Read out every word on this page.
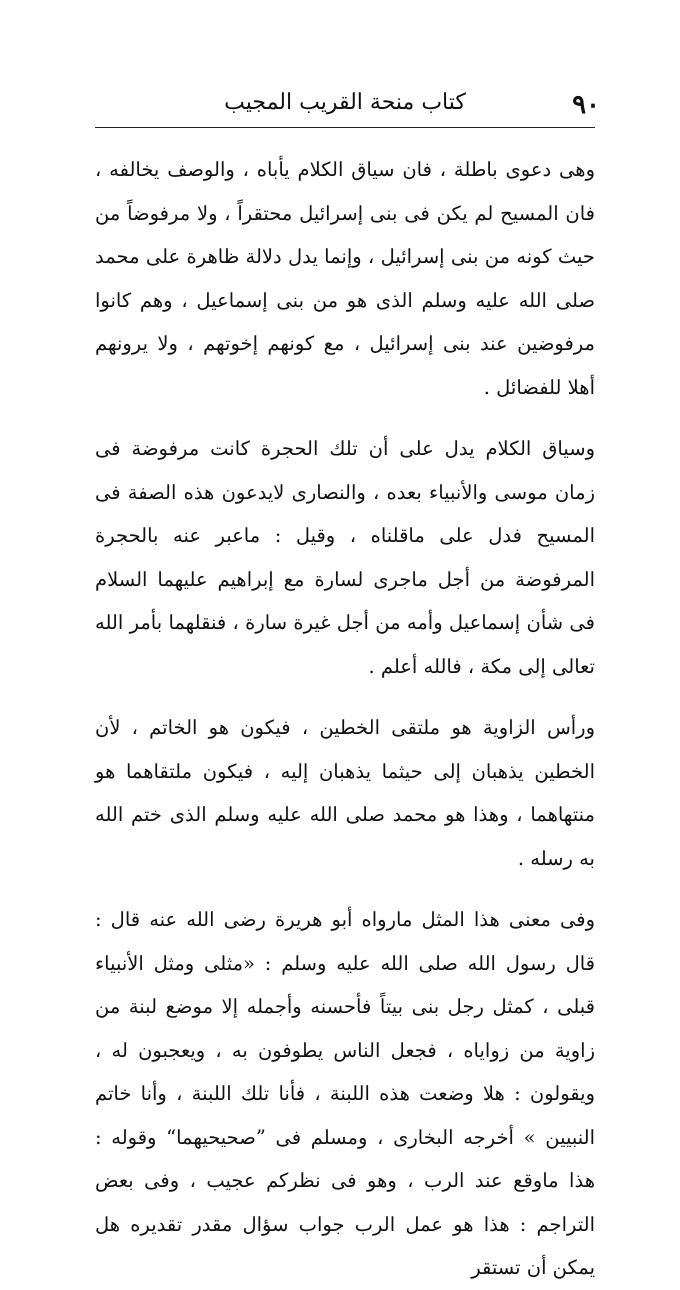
كتاب منحة القريب المجيب	٩٠

وهى دعوى باطلة ، فان سياق الكلام يأباه ، والوصف يخالفه ، فان المسيح لم يكن فى بنى إسرائيل محتقراً ، ولا مرفوضاً من حيث كونه من بنى إسرائيل ، وإنما يدل دلالة ظاهرة على محمد صلى الله عليه وسلم الذى هو من بنى إسماعيل ، وهم كانوا مرفوضين عند بنى إسرائيل ، مع كونهم إخوتهم ، ولا يرونهم أهلا للفضائل .

وسياق الكلام يدل على أن تلك الحجرة كانت مرفوضة فى زمان موسى والأنبياء بعده ، والنصارى لايدعون هذه الصفة فى المسيح فدل على ماقلناه ، وقيل : ماعبر عنه بالحجرة المرفوضة من أجل ماجرى لسارة مع إبراهيم عليهما السلام فى شأن إسماعيل وأمه من أجل غيرة سارة ، فنقلهما بأمر الله تعالى إلى مكة ، فالله أعلم .

ورأس الزاوية هو ملتقى الخطين ، فيكون هو الخاتم ، لأن الخطين يذهبان إلى حيثما يذهبان إليه ، فيكون ملتقاهما هو منتهاهما ، وهذا هو محمد صلى الله عليه وسلم الذى ختم الله به رسله .

وفى معنى هذا المثل مارواه أبو هريرة رضى الله عنه قال : قال رسول الله صلى الله عليه وسلم : «مثلى ومثل الأنبياء قبلى ، كمثل رجل بنى بيتاً فأحسنه وأجمله إلا موضع لبنة من زاوية من زواياه ، فجعل الناس يطوفون به ، ويعجبون له ، ويقولون : هلا وضعت هذه اللبنة ، فأنا تلك اللبنة ، وأنا خاتم النبيين » أخرجه البخارى ، ومسلم فى ”صحيحيهما“ وقوله : هذا ماوقع عند الرب ، وهو فى نظركم عجيب ، وفى بعض التراجم : هذا هو عمل الرب جواب سؤال مقدر تقديره هل يمكن أن تستقر
